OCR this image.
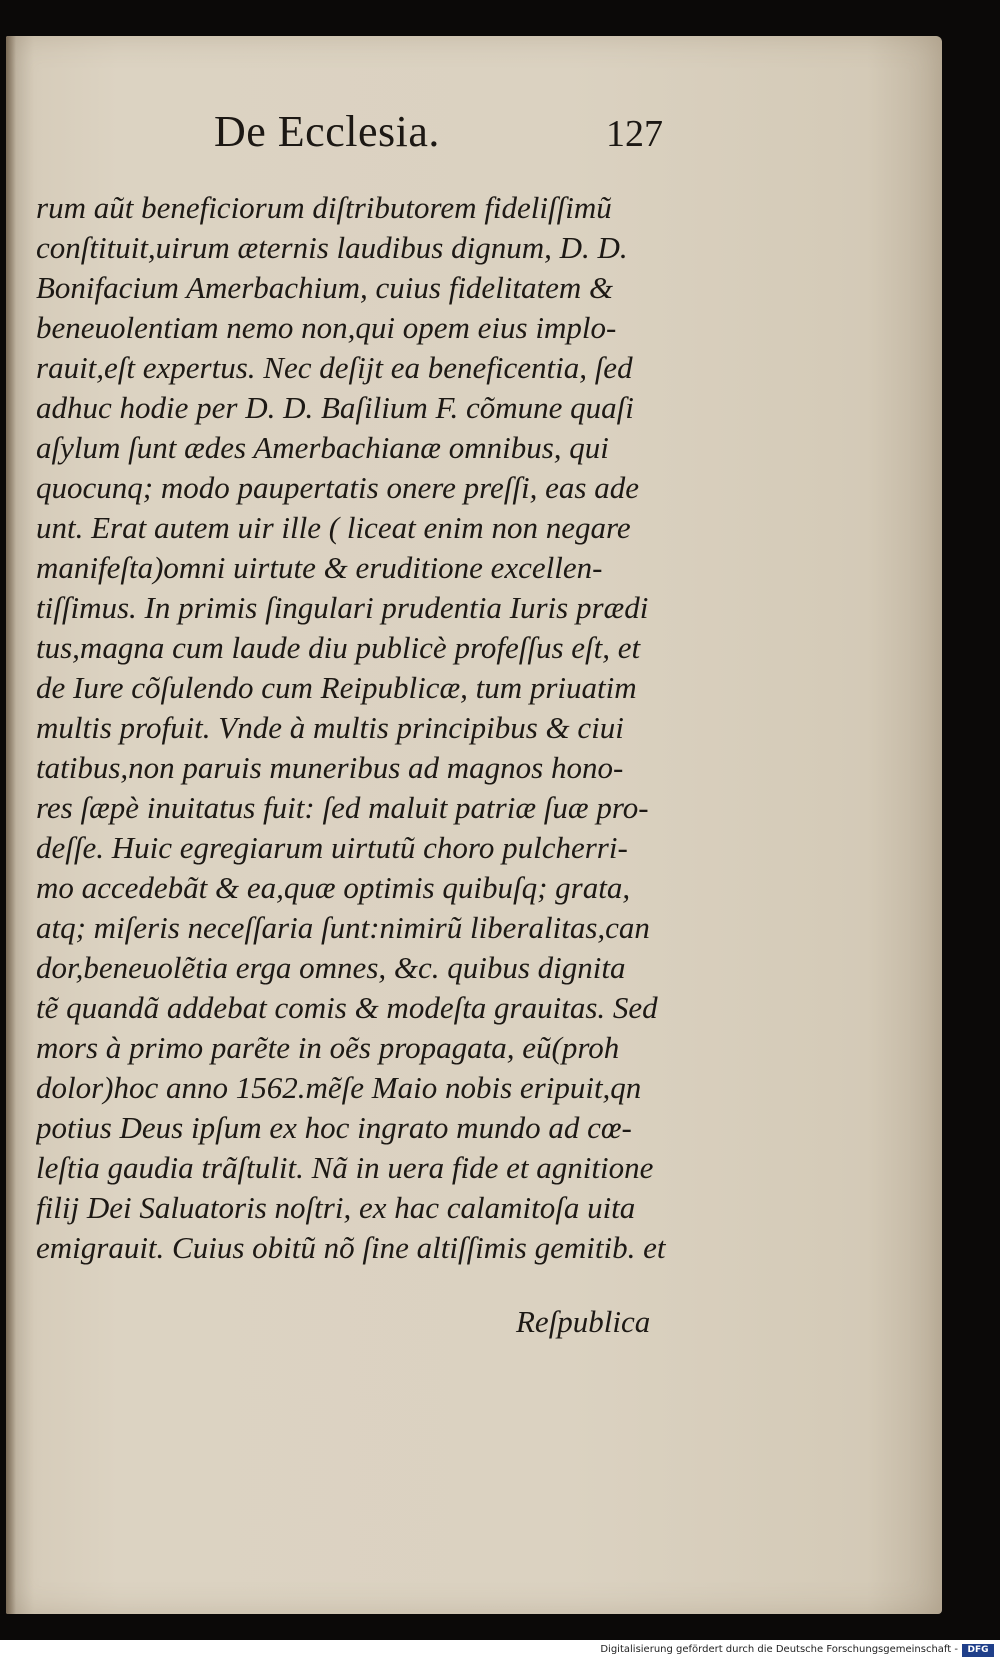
De Ecclesia.	127
rum aũt beneficiorum diſtributorem fideliſſimũ
conſtituit,uirum æternis laudibus dignum, D. D.
Bonifacium Amerbachium, cuius fidelitatem &
beneuolentiam nemo non,qui opem eius implo-
rauit,eſt expertus. Nec deſijt ea beneficentia, ſed
adhuc hodie per D. D. Baſilium F. cõmune quaſi
aſylum ſunt ædes Amerbachianæ omnibus, qui
quocunq; modo paupertatis onere preſſi, eas ade
unt. Erat autem uir ille ( liceat enim non negare
manifeſta)omni uirtute & eruditione excellen-
tiſſimus. In primis ſingulari prudentia Iuris prædi
tus,magna cum laude diu publicè profeſſus eſt, et
de Iure cõſulendo cum Reipublicæ, tum priuatim
multis profuit. Vnde à multis principibus & ciui
tatibus,non paruis muneribus ad magnos hono-
res ſæpè inuitatus fuit: ſed maluit patriæ ſuæ pro-
deſſe. Huic egregiarum uirtutũ choro pulcherri-
mo accedebãt & ea,quæ optimis quibuſq; grata,
atq; miſeris neceſſaria ſunt:nimirũ liberalitas,can
dor,beneuolẽtia erga omnes, &c. quibus dignita
tẽ quandã addebat comis & modeſta grauitas. Sed
mors à primo parẽte in oẽs propagata, eũ(proh
dolor)hoc anno 1562.mẽſe Maio nobis eripuit,qn
potius Deus ipſum ex hoc ingrato mundo ad cœ-
leſtia gaudia trãſtulit. Nã in uera fide et agnitione
filij Dei Saluatoris noſtri, ex hac calamitoſa uita
emigrauit. Cuius obitũ nõ ſine altiſſimis gemitib. et
Reſpublica
Digitalisierung gefördert durch die Deutsche Forschungsgemeinschaft -	DFG
